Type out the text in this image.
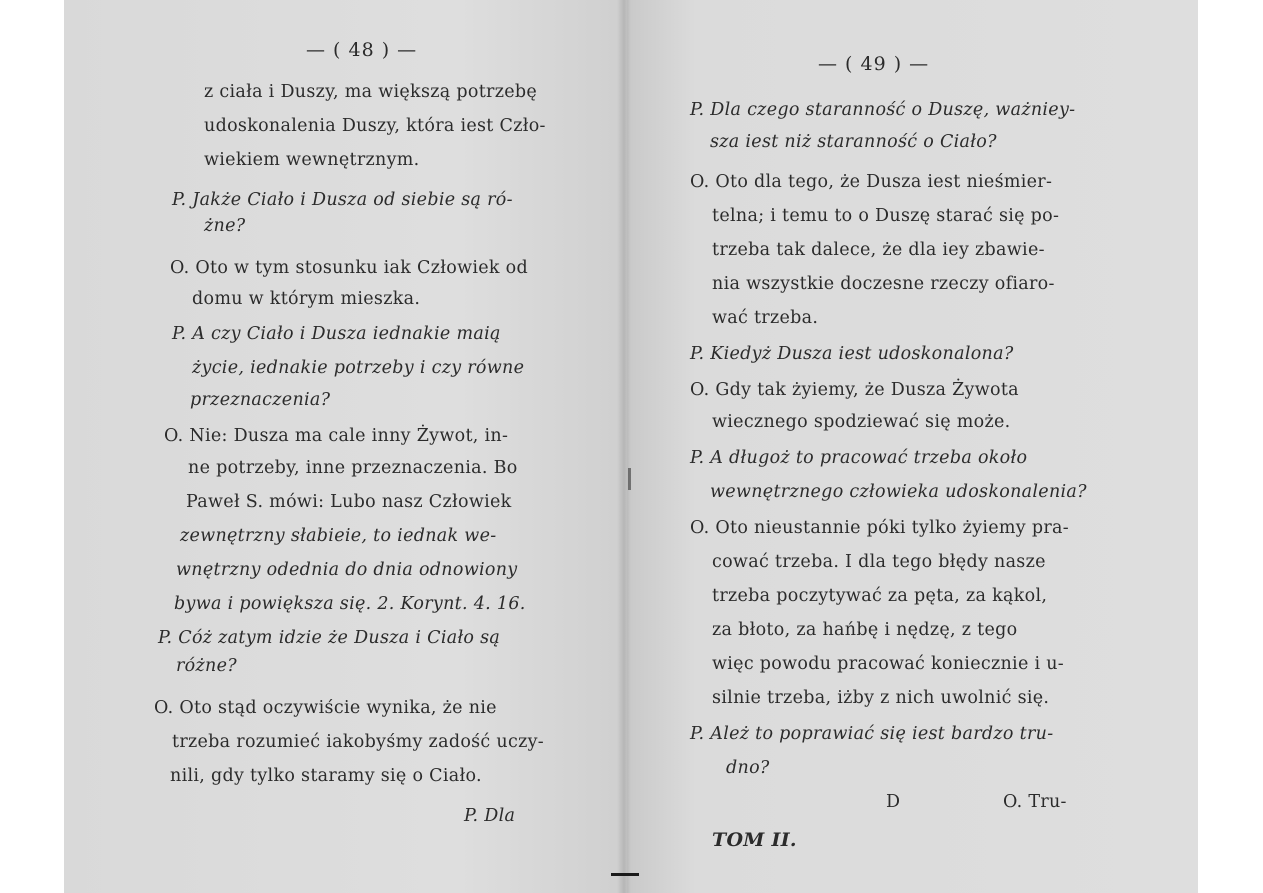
— ( 48 ) —
z ciała i Duszy, ma większą potrzebę
udoskonalenia Duszy, która iest Czło-
wiekiem wewnętrznym.
P. Jakże Ciało i Dusza od siebie są ró-
żne?
O. Oto w tym stosunku iak Człowiek od
domu w którym mieszka.
P. A czy Ciało i Dusza iednakie maią
życie, iednakie potrzeby i czy równe
przeznaczenia?
O. Nie: Dusza ma cale inny Żywot, in-
ne potrzeby, inne przeznaczenia. Bo
Paweł S. mówi: Lubo nasz Człowiek
zewnętrzny słabieie, to iednak we-
wnętrzny odednia do dnia odnowiony
bywa i powiększa się. 2. Korynt. 4. 16.
P. Cóż zatym idzie że Dusza i Ciało są
różne?
O. Oto stąd oczywiście wynika, że nie
trzeba rozumieć iakobyśmy zadość uczy-
nili, gdy tylko staramy się o Ciało.
P. Dla
— ( 49 ) —
P. Dla czego staranność o Duszę, ważniey-
sza iest niż staranność o Ciało?
O. Oto dla tego, że Dusza iest nieśmier-
telna; i temu to o Duszę starać się po-
trzeba tak dalece, że dla iey zbawie-
nia wszystkie doczesne rzeczy ofiaro-
wać trzeba.
P. Kiedyż Dusza iest udoskonalona?
O. Gdy tak żyiemy, że Dusza Żywota
wiecznego spodziewać się może.
P. A długoż to pracować trzeba około
wewnętrznego człowieka udoskonalenia?
O. Oto nieustannie póki tylko żyiemy pra-
cować trzeba. I dla tego błędy nasze
trzeba poczytywać za pęta, za kąkol,
za błoto, za hańbę i nędzę, z tego
więc powodu pracować koniecznie i u-
silnie trzeba, iżby z nich uwolnić się.
P. Ależ to poprawiać się iest bardzo tru-
dno?
D	O. Tru-
TOM II.
